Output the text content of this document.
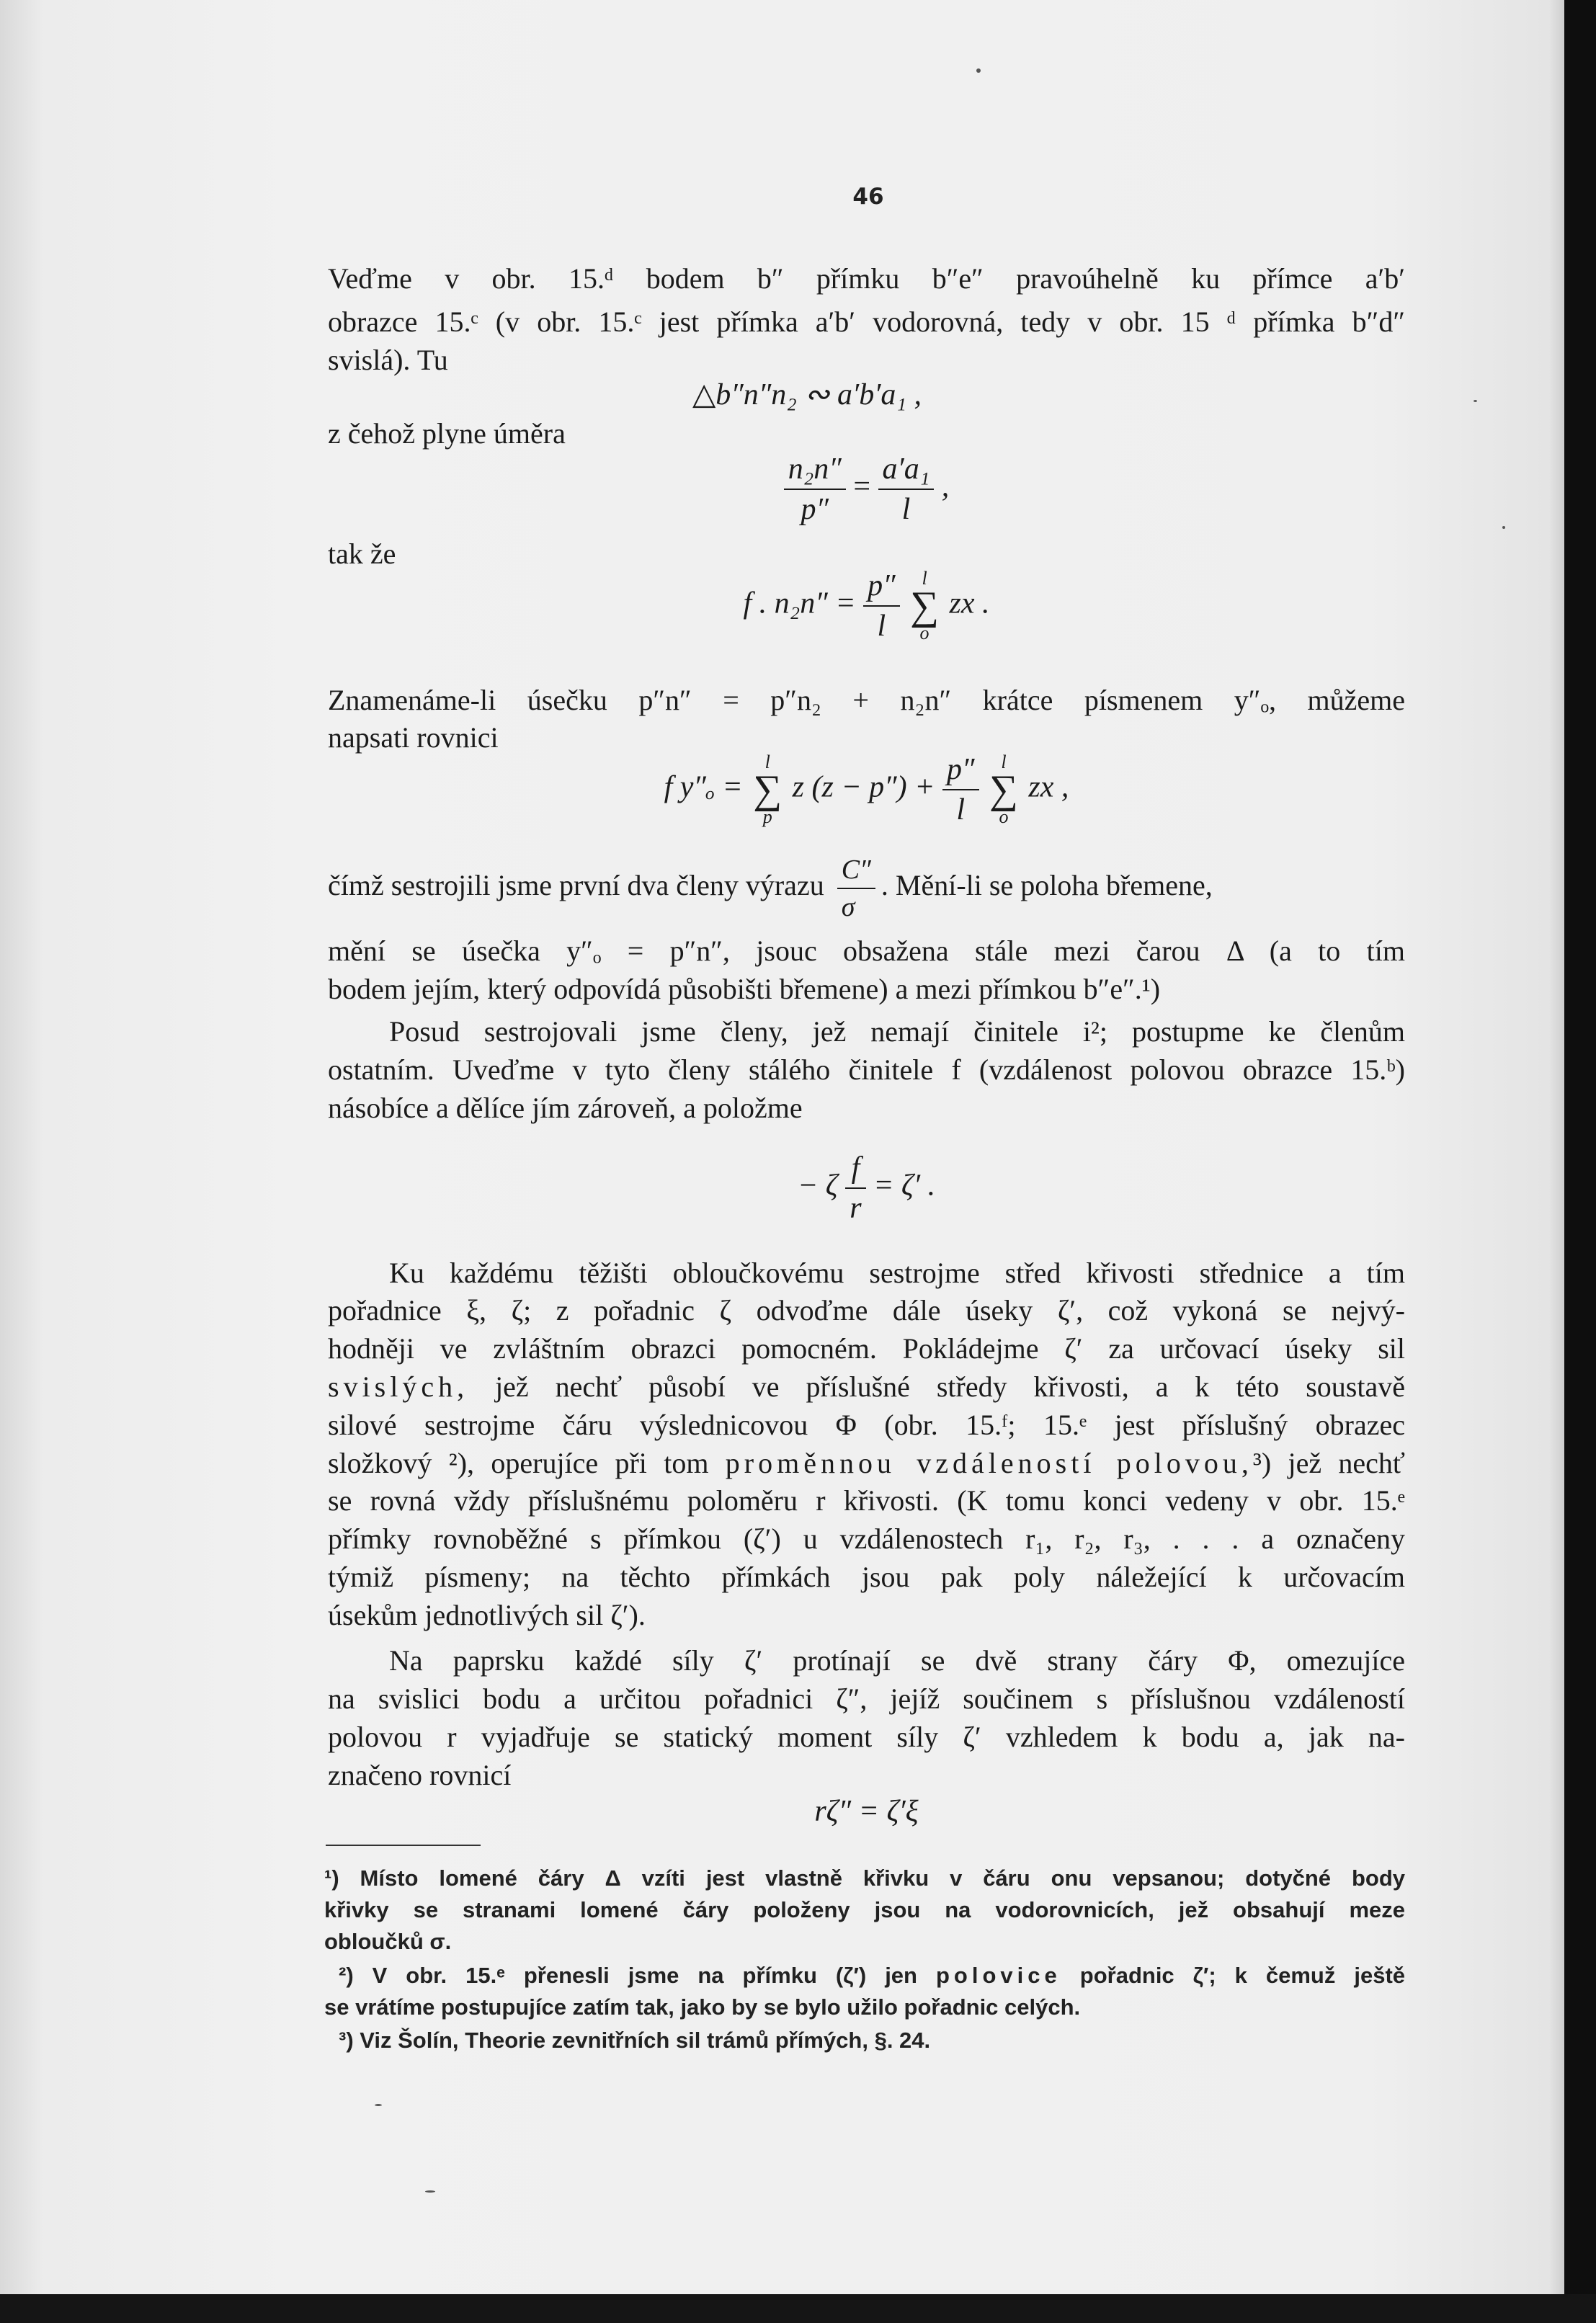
46
Veďme v obr. 15.ᵈ bodem b″ přímku b″e″ pravoúhelně ku přímce a′b′
obrazce 15.ᶜ (v obr. 15.ᶜ jest přímka a′b′ vodorovná, tedy v obr. 15 ᵈ přímka b″d″
svislá). Tu
△b″n″n₂ ∾ a′b′a₁ ,
z čehož plyne úměra
$\frac{\text{n₂n″}}{p''} = \frac{\text{a′a₁}}{l}$ ,
tak že
f . $n_2n'' = \frac{p''}{l}$
	l
∑
o
zx .
Znamenáme-li úsečku p″n″ = p″n₂ + n₂n″ krátce písmenem y″ₒ, můžeme
napsati rovnici
f y″ₒ =
l
∑
p
z $(z - p'') + \frac{p''}{l}$
	l
∑
o
zx ,
čímž sestrojili jsme první dva členy výrazu $\frac{C''}{\sigma}$ . Mění-li se poloha břemene,
mění se úsečka y″ₒ = p″n″, jsouc obsažena stále mezi čarou Δ (a to tím
bodem jejím, který odpovídá působišti břemene) a mezi přímkou b″e″.¹)
Posud sestrojovali jsme členy, jež nemají činitele i²; postupme ke členům
ostatním. Uveďme v tyto členy stálého činitele f (vzdálenost polovou obrazce 15.ᵇ)
násobíce a dělíce jím zároveň, a položme
− ζ $\frac{f}{r} = \zeta'$ .
Ku každému těžišti obloučkovému sestrojme střed křivosti střednice a tím
pořadnice ξ, ζ; z pořadnic ζ odvoďme dále úseky ζ′, což vykoná se nejvý-
hodněji ve zvláštním obrazci pomocném. Pokládejme ζ′ za určovací úseky sil
svislých, jež nechť působí ve příslušné středy křivosti, a k této soustavě
silové sestrojme čáru výslednicovou Φ (obr. 15.ᶠ; 15.ᵉ jest příslušný obrazec
složkový ²), operujíce při tom proměnnou vzdáleností polovou,³) jež nechť
se rovná vždy příslušnému poloměru r křivosti. (K tomu konci vedeny v obr. 15.ᵉ
přímky rovnoběžné s přímkou (ζ′) u vzdálenostech r₁, r₂, r₃, . . . a označeny
týmiž písmeny; na těchto přímkách jsou pak poly náležející k určovacím
úsekům jednotlivých sil ζ′).
Na paprsku každé síly ζ′ protínají se dvě strany čáry Φ, omezujíce
na svislici bodu a určitou pořadnici ζ″, jejíž součinem s příslušnou vzdáleností
polovou r vyjadřuje se statický moment síly ζ′ vzhledem k bodu a, jak na-
značeno rovnicí
rζ″ = ζ′ξ
¹) Místo lomené čáry Δ vzíti jest vlastně křivku v čáru onu vepsanou; dotyčné body
křivky se stranami lomené čáry položeny jsou na vodorovnicích, jež obsahují meze
obloučků σ.
²) V obr. 15.ᵉ přenesli jsme na přímku (ζ′) jen polovice pořadnic ζ′; k čemuž ještě
se vrátíme postupujíce zatím tak, jako by se bylo užilo pořadnic celých.
³) Viz Šolín, Theorie zevnitřních sil trámů přímých, §. 24.
